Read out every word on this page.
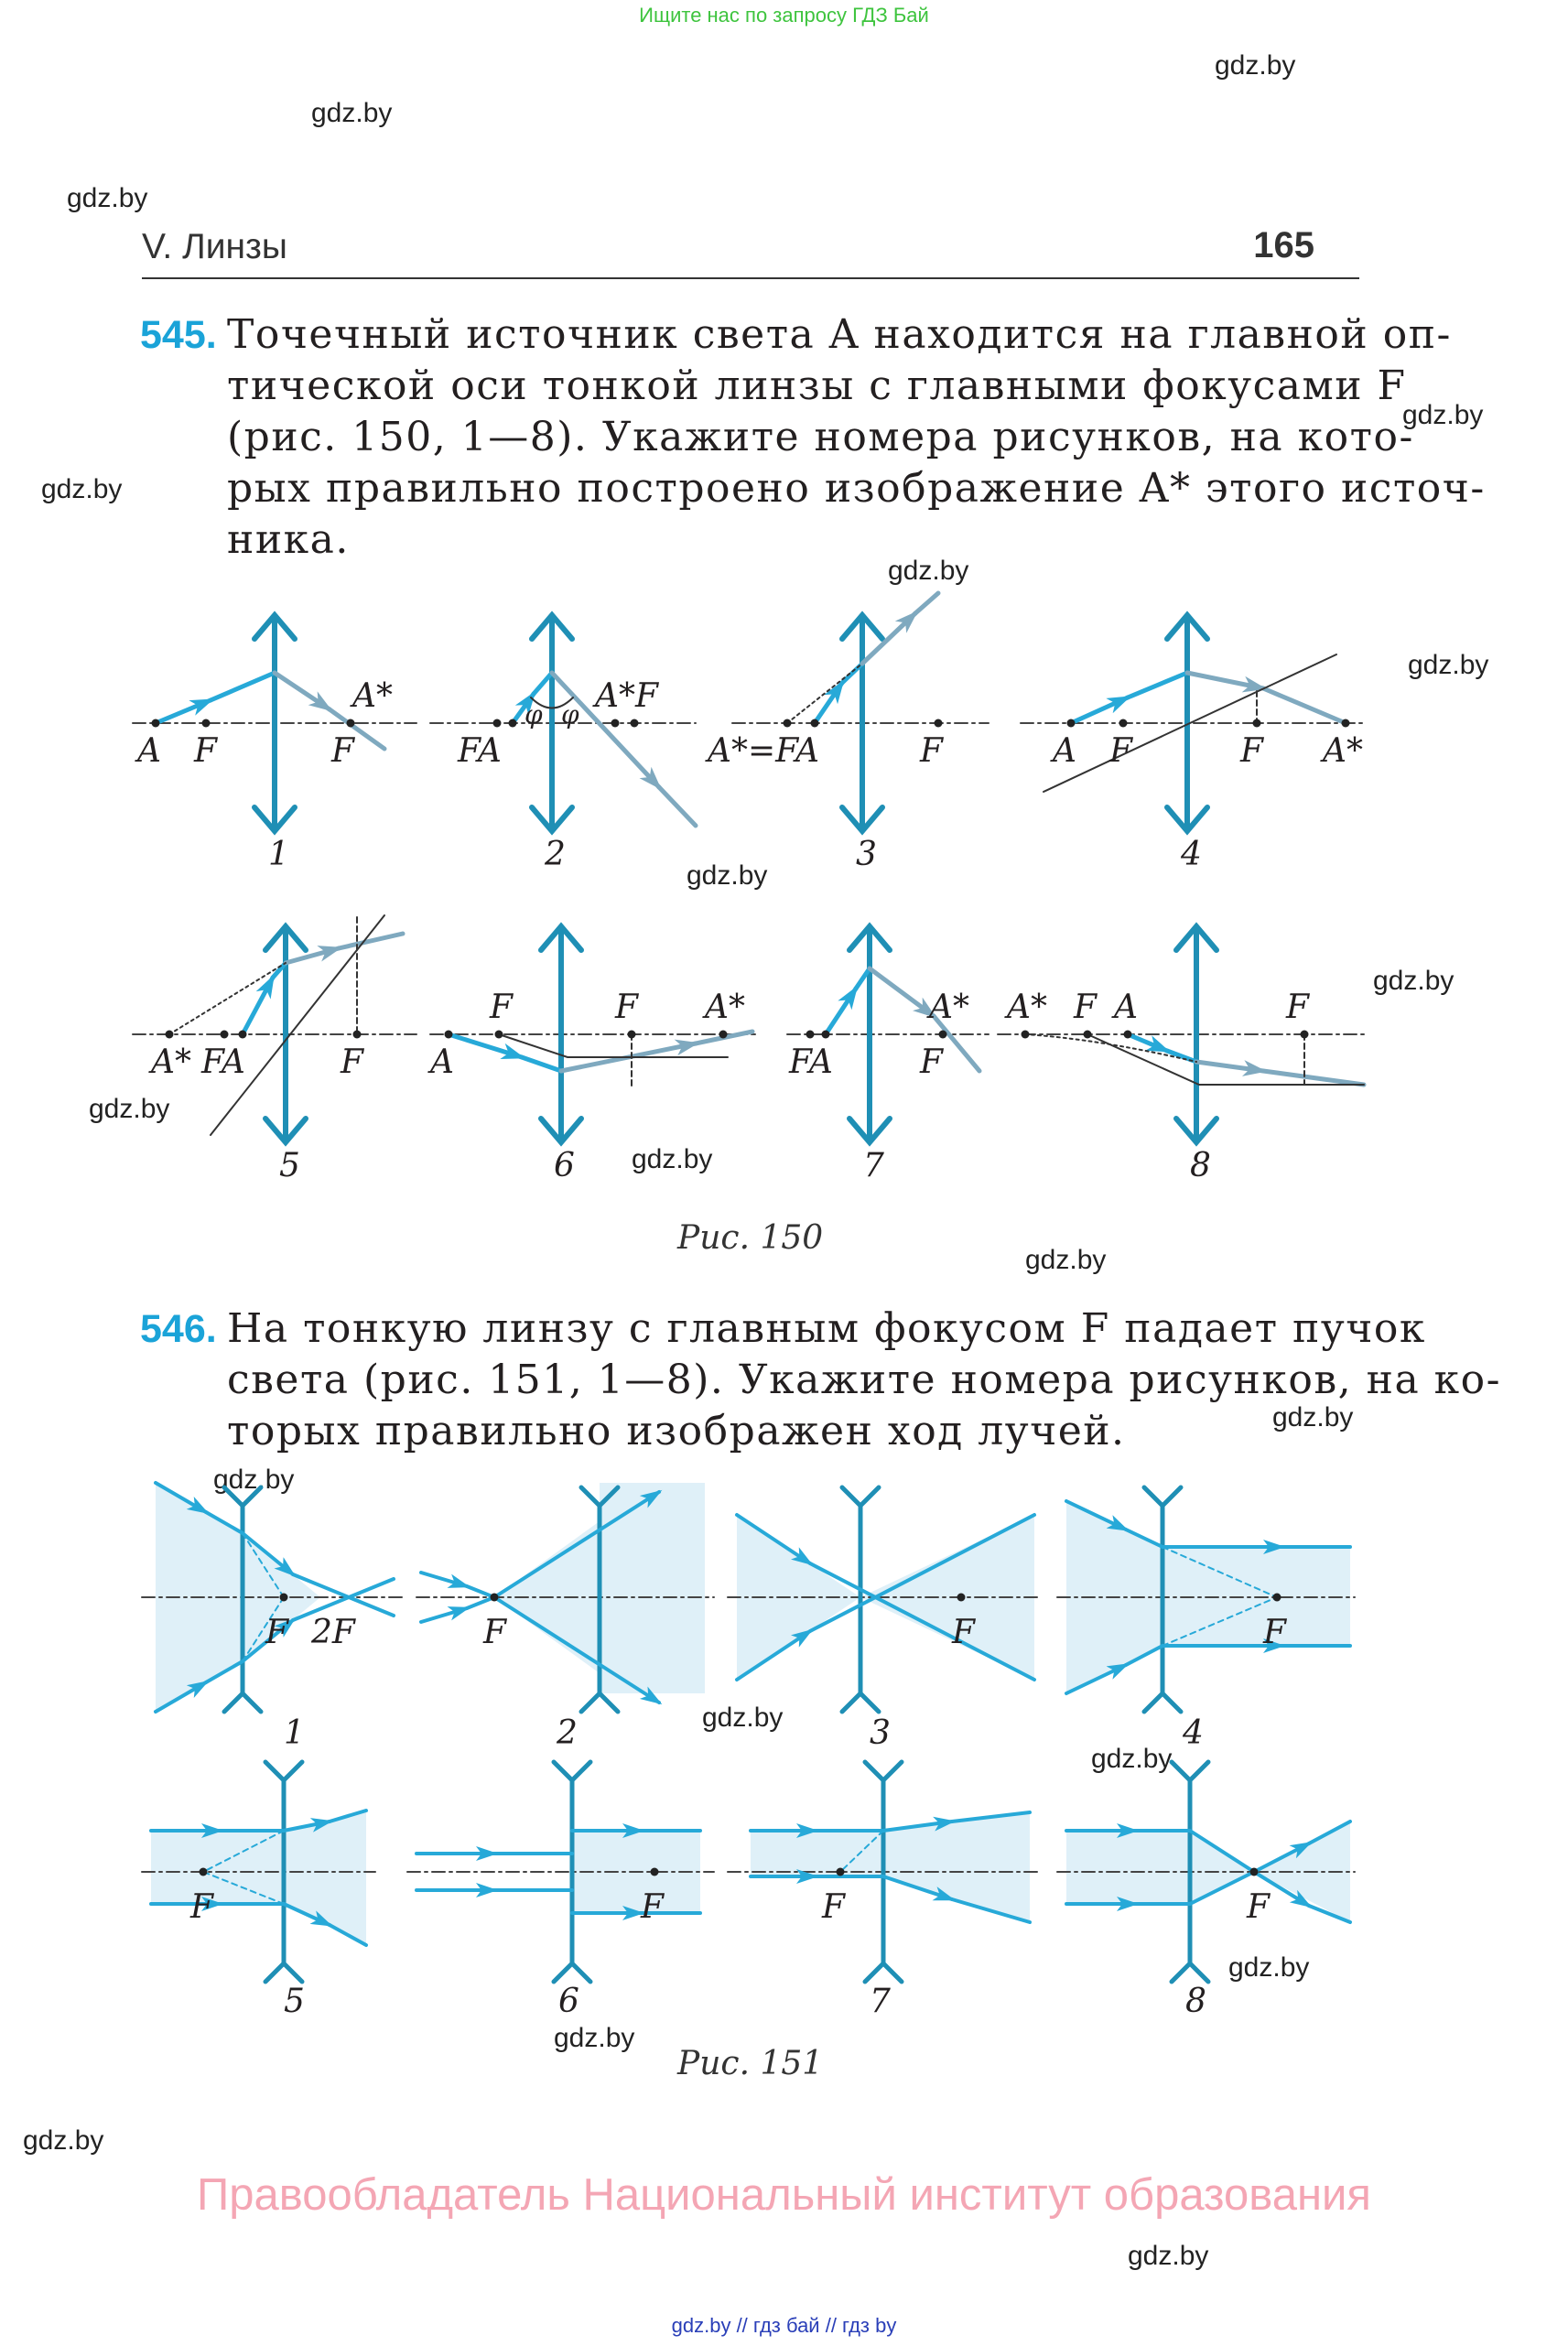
Ищите нас по запросу ГДЗ Бай
gdz.by
gdz.by
gdz.by
gdz.by
gdz.by
gdz.by
gdz.by
gdz.by
gdz.by
gdz.by
gdz.by
gdz.by
gdz.by
gdz.by
gdz.by
gdz.by
gdz.by
gdz.by
gdz.by
gdz.by
V. Линзы	165
545. Точечный источник света A находится на главной оп-
тической оси тонкой линзы с главными фокусами F
(рис. 150, 1—8). Укажите номера рисунков, на кото-
рых правильно построено изображение A* этого источ-
ника.
A F	F
A*
FA
A*F
φ φ
A*=FA	F	A F	F A*
A* FA	F A
F	F A*
FA	F
A* A* F A	F
1	2	3	4
5	6	7	8
Рис. 150
546. На тонкую линзу с главным фокусом F падает пучок
света (рис. 151, 1—8). Укажите номера рисунков, на ко-
торых правильно изображен ход лучей.
F 2F	F	F	F
F	F	F	F
1	2	3	4
5	6	7	8
Рис. 151
Правообладатель Национальный институт образования
gdz.by // гдз бай // гдз by
